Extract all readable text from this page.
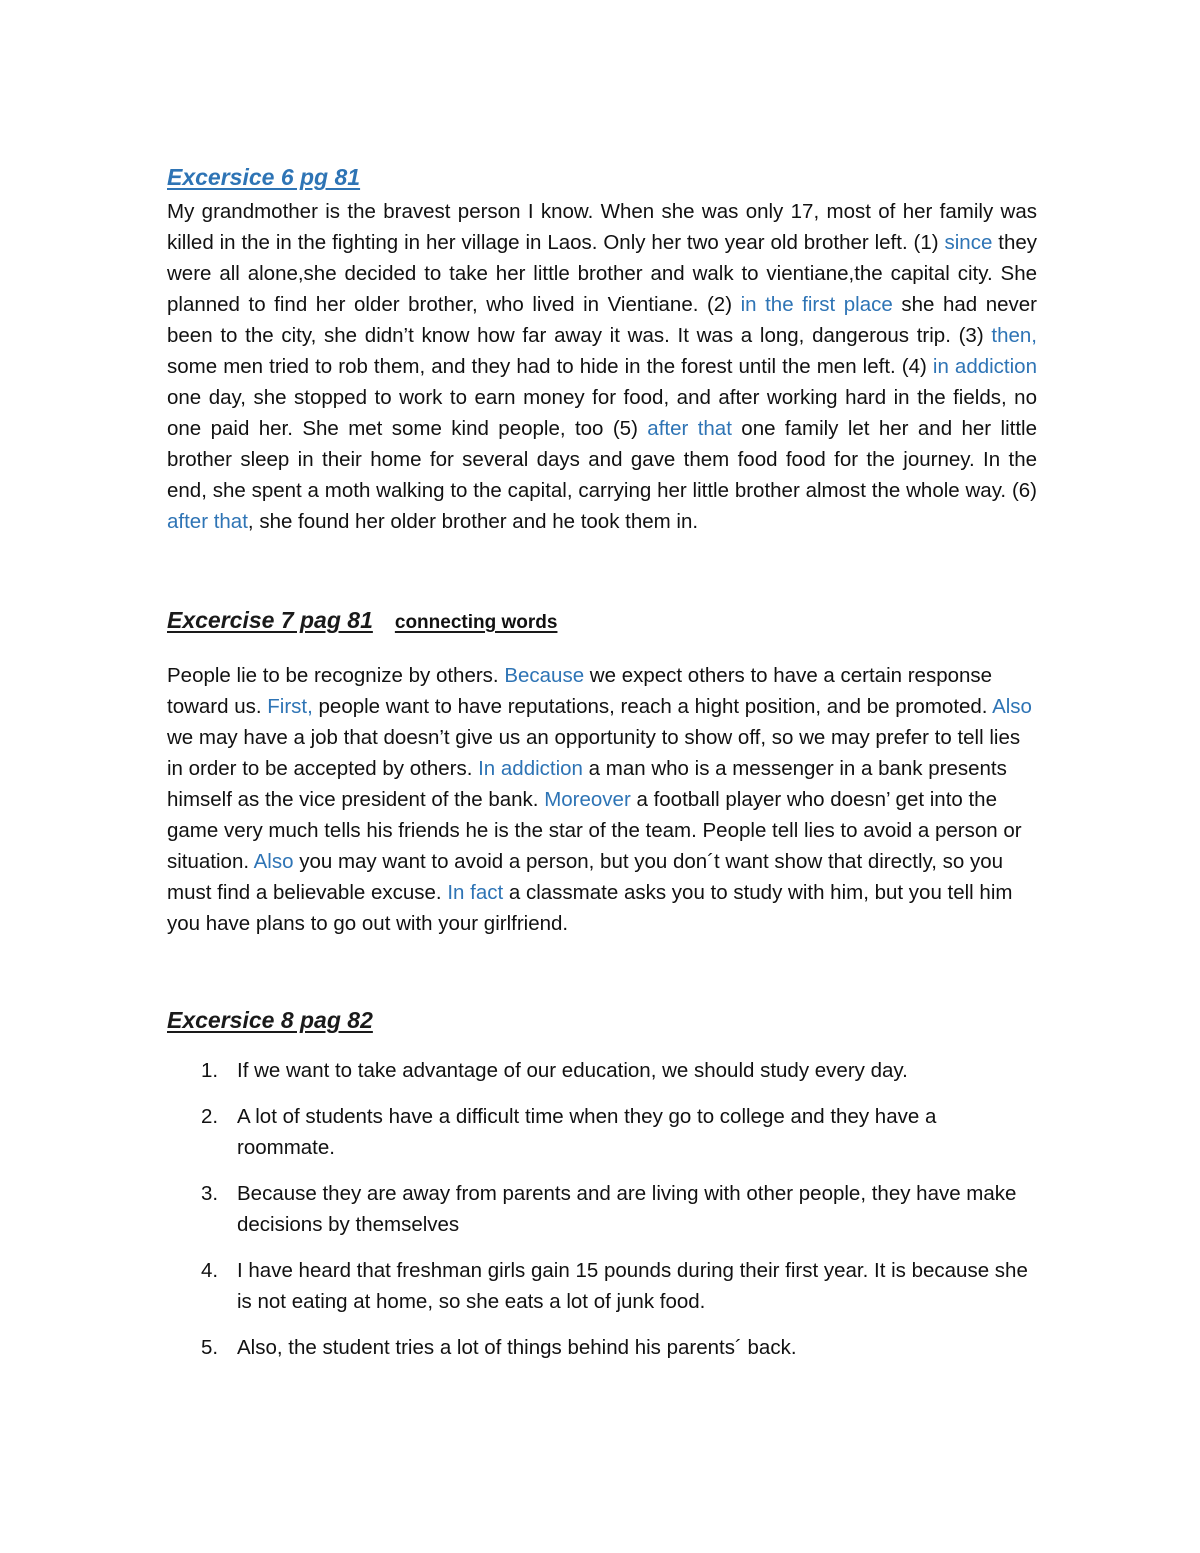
Excersice 6 pg 81

My grandmother is the bravest person I know. When she was only 17, most of her family was killed in the in the fighting in her village in Laos. Only her two year old brother left. (1) since they were all alone,she decided to take her little brother and walk to vientiane,the capital city. She planned to find her older brother, who lived in Vientiane. (2) in the first place she had never been to the city, she didn’t know how far away it was. It was a long, dangerous trip. (3) then, some men tried to rob them, and they had to hide in the forest until the men left. (4) in addiction one day, she stopped to work to earn money for food, and after working hard in the fields, no one paid her. She met some kind people, too (5) after that one family let her and her little brother sleep in their home for several days and gave them food food for the journey. In the end, she spent a moth walking to the capital, carrying her little brother almost the whole way. (6) after that, she found her older brother and he took them in.

Excercise 7 pag 81 connecting words

People lie to be recognize by others. Because we expect others to have a certain response toward us. First, people want to have reputations, reach a hight position, and be promoted. Also we may have a job that doesn’t give us an opportunity to show off, so we may prefer to tell lies in order to be accepted by others. In addiction a man who is a messenger in a bank presents himself as the vice president of the bank. Moreover a football player who doesn’ get into the game very much tells his friends he is the star of the team. People tell lies to avoid a person or situation. Also you may want to avoid a person, but you don´t want show that directly, so you must find a believable excuse. In fact a classmate asks you to study with him, but you tell him you have plans to go out with your girlfriend.

Excersice 8 pag 82
1. If we want to take advantage of our education, we should study every day.
2. A lot of students have a difficult time when they go to college and they have a roommate.
3. Because they are away from parents and are living with other people, they have make decisions by themselves
4. I have heard that freshman girls gain 15 pounds during their first year. It is because she is not eating at home, so she eats a lot of junk food.
5. Also, the student tries a lot of things behind his parents´ back.
